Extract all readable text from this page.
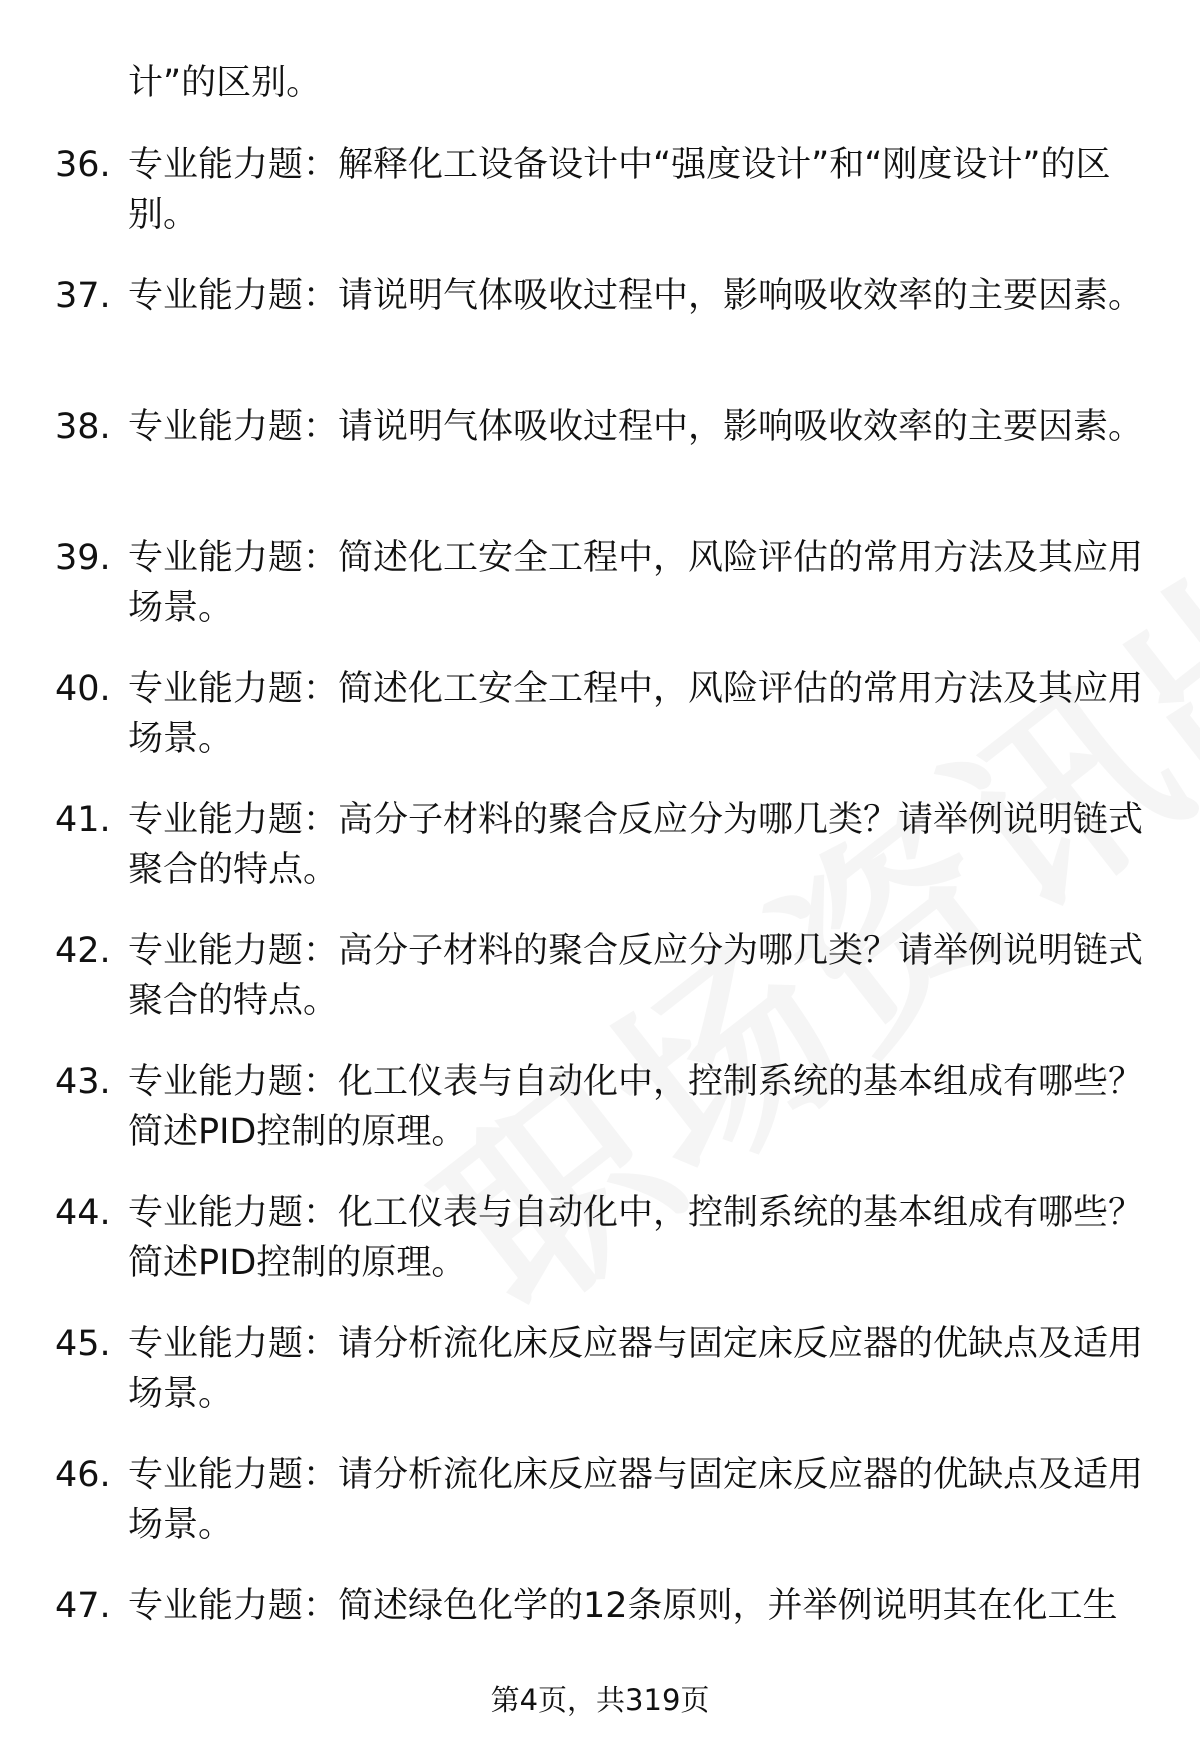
计”的区别。

36. 专业能力题：解释化工设备设计中“强度设计”和“刚度设计”的区别。

37. 专业能力题：请说明气体吸收过程中，影响吸收效率的主要因素。

38. 专业能力题：请说明气体吸收过程中，影响吸收效率的主要因素。

39. 专业能力题：简述化工安全工程中，风险评估的常用方法及其应用场景。

40. 专业能力题：简述化工安全工程中，风险评估的常用方法及其应用场景。

41. 专业能力题：高分子材料的聚合反应分为哪几类？请举例说明链式聚合的特点。

42. 专业能力题：高分子材料的聚合反应分为哪几类？请举例说明链式聚合的特点。

43. 专业能力题：化工仪表与自动化中，控制系统的基本组成有哪些？简述PID控制的原理。

44. 专业能力题：化工仪表与自动化中，控制系统的基本组成有哪些？简述PID控制的原理。

45. 专业能力题：请分析流化床反应器与固定床反应器的优缺点及适用场景。

46. 专业能力题：请分析流化床反应器与固定床反应器的优缺点及适用场景。

47. 专业能力题：简述绿色化学的12条原则，并举例说明其在化工生

第4页，共319页
